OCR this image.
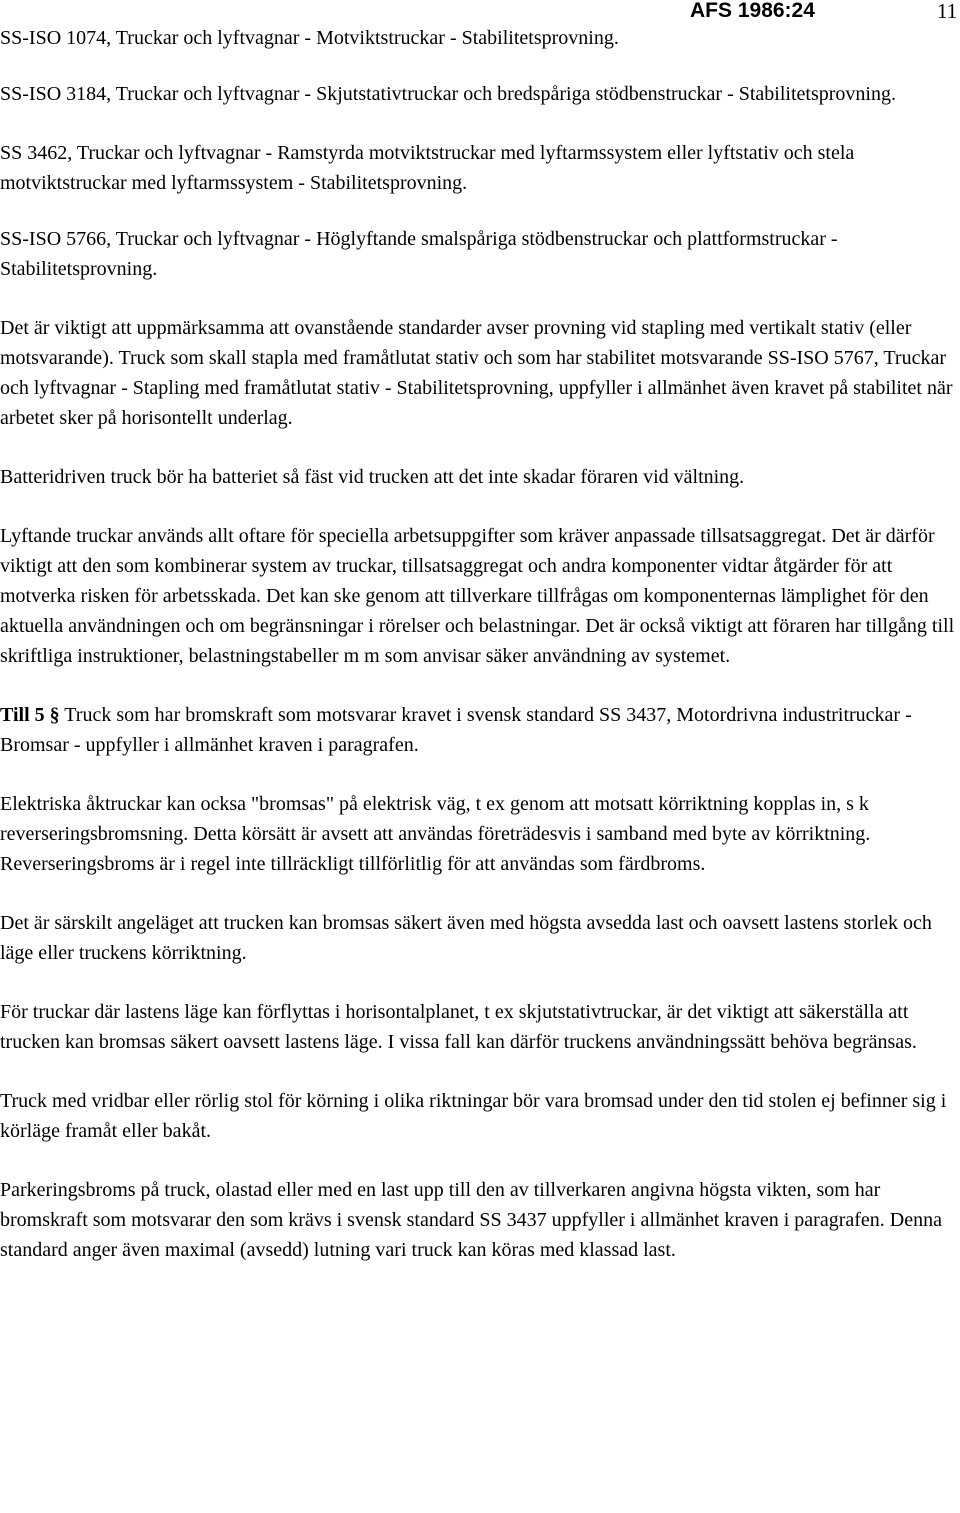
AFS 1986:24	11

SS-ISO 1074, Truckar och lyftvagnar - Motviktstruckar - Stabilitetsprovning.

SS-ISO 3184, Truckar och lyftvagnar - Skjutstativtruckar och bredspåriga stödbenstruckar - Stabilitetsprovning.

SS 3462, Truckar och lyftvagnar - Ramstyrda motviktstruckar med lyftarmssystem eller lyftstativ och stela motviktstruckar med lyftarmssystem - Stabilitetsprovning.

SS-ISO 5766, Truckar och lyftvagnar - Höglyftande smalspåriga stödbenstruckar och plattformstruckar - Stabilitetsprovning.

Det är viktigt att uppmärksamma att ovanstående standarder avser provning vid stapling med vertikalt stativ (eller motsvarande). Truck som skall stapla med framåtlutat stativ och som har stabilitet motsvarande SS-ISO 5767, Truckar och lyftvagnar - Stapling med framåtlutat stativ - Stabilitetsprovning, uppfyller i allmänhet även kravet på stabilitet när arbetet sker på horisontellt underlag.

Batteridriven truck bör ha batteriet så fäst vid trucken att det inte skadar föraren vid vältning.

Lyftande truckar används allt oftare för speciella arbetsuppgifter som kräver anpassade tillsatsaggregat. Det är därför viktigt att den som kombinerar system av truckar, tillsatsaggregat och andra komponenter vidtar åtgärder för att motverka risken för arbetsskada. Det kan ske genom att tillverkare tillfrågas om komponenternas lämplighet för den aktuella användningen och om begränsningar i rörelser och belastningar. Det är också viktigt att föraren har tillgång till skriftliga instruktioner, belastningstabeller m m som anvisar säker användning av systemet.

Till 5 § Truck som har bromskraft som motsvarar kravet i svensk standard SS 3437, Motordrivna industritruckar - Bromsar - uppfyller i allmänhet kraven i paragrafen.

Elektriska åktruckar kan ocksa "bromsas" på elektrisk väg, t ex genom att motsatt körriktning kopplas in, s k reverseringsbromsning. Detta körsätt är avsett att användas företrädesvis i samband med byte av körriktning. Reverseringsbroms är i regel inte tillräckligt tillförlitlig för att användas som färdbroms.

Det är särskilt angeläget att trucken kan bromsas säkert även med högsta avsedda last och oavsett lastens storlek och läge eller truckens körriktning.

För truckar där lastens läge kan förflyttas i horisontalplanet, t ex skjutstativtruckar, är det viktigt att säkerställa att trucken kan bromsas säkert oavsett lastens läge. I vissa fall kan därför truckens användningssätt behöva begränsas.

Truck med vridbar eller rörlig stol för körning i olika riktningar bör vara bromsad under den tid stolen ej befinner sig i körläge framåt eller bakåt.

Parkeringsbroms på truck, olastad eller med en last upp till den av tillverkaren angivna högsta vikten, som har bromskraft som motsvarar den som krävs i svensk standard SS 3437 uppfyller i allmänhet kraven i paragrafen. Denna standard anger även maximal (avsedd) lutning vari truck kan köras med klassad last.
